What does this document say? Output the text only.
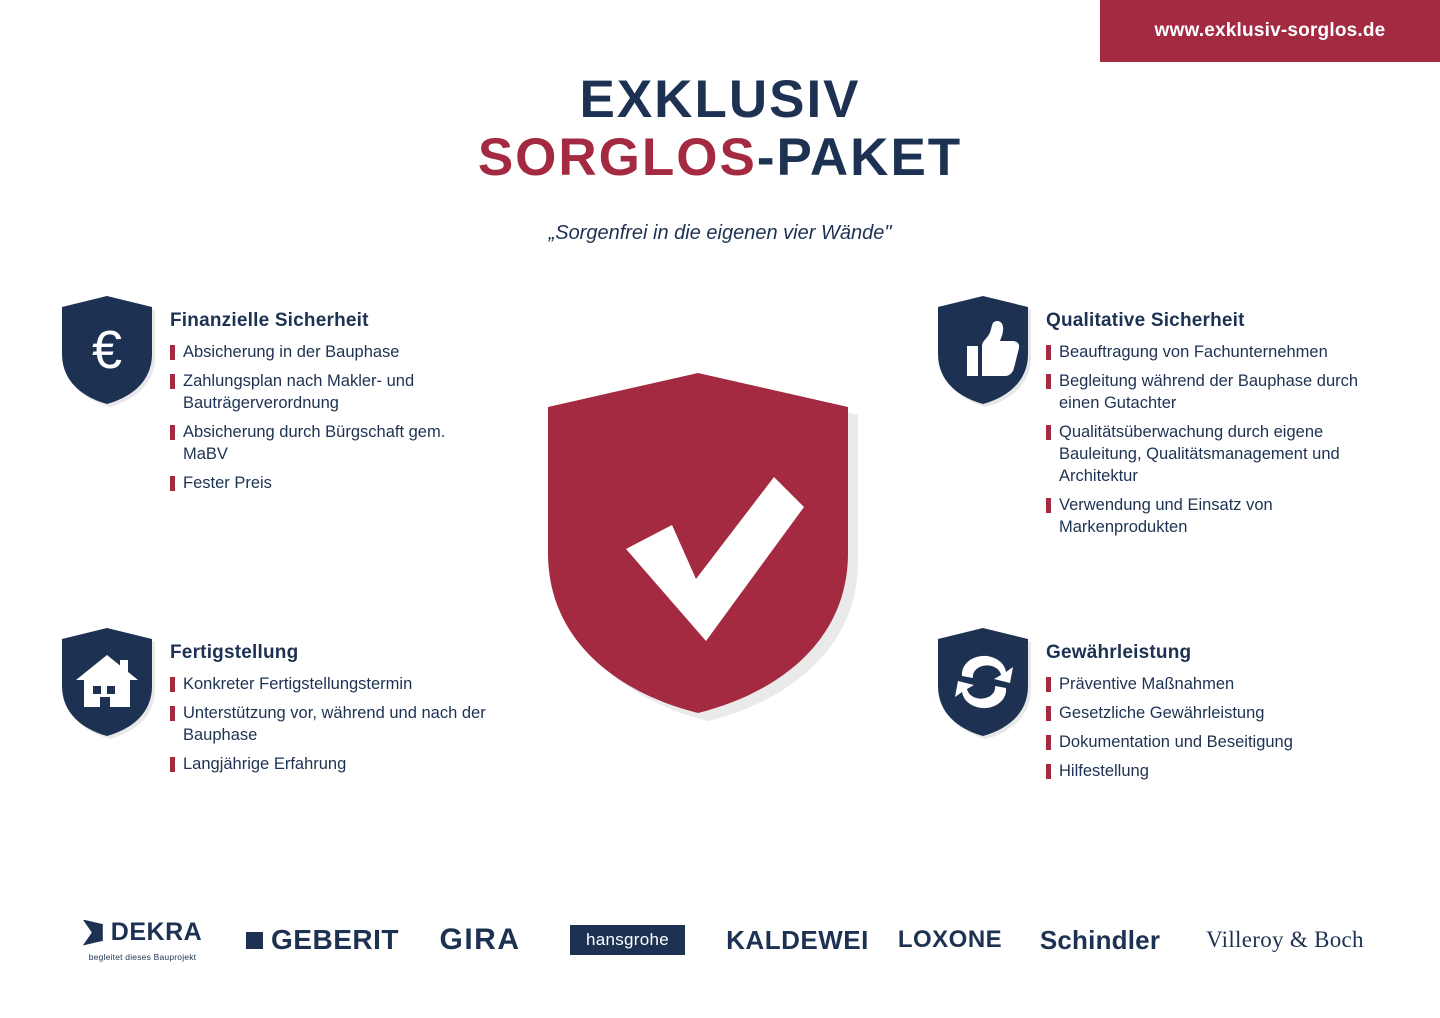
www.exklusiv-sorglos.de
EXKLUSIV
SORGLOS-PAKET
„Sorgenfrei in die eigenen vier Wände"
€	Finanzielle Sicherheit
Absicherung in der Bauphase
Zahlungsplan nach Makler- und Bauträgerverordnung
Absicherung durch Bürgschaft gem. MaBV
Fester Preis
Qualitative Sicherheit
Beauftragung von Fachunternehmen
Begleitung während der Bauphase durch einen Gutachter
Qualitätsüberwachung durch eigene Bauleitung, Qualitätsmanagement und Architektur
Verwendung und Einsatz von Markenprodukten
Fertigstellung
Konkreter Fertigstellungstermin
Unterstützung vor, während und nach der Bauphase
Langjährige Erfahrung
Gewährleistung
Präventive Maßnahmen
Gesetzliche Gewährleistung
Dokumentation und Beseitigung
Hilfestellung
DEKRA
begleitet dieses Bauprojekt
GEBERIT GIRA	hansgrohe	KALDEWEI LOXONE Schindler Villeroy & Boch
